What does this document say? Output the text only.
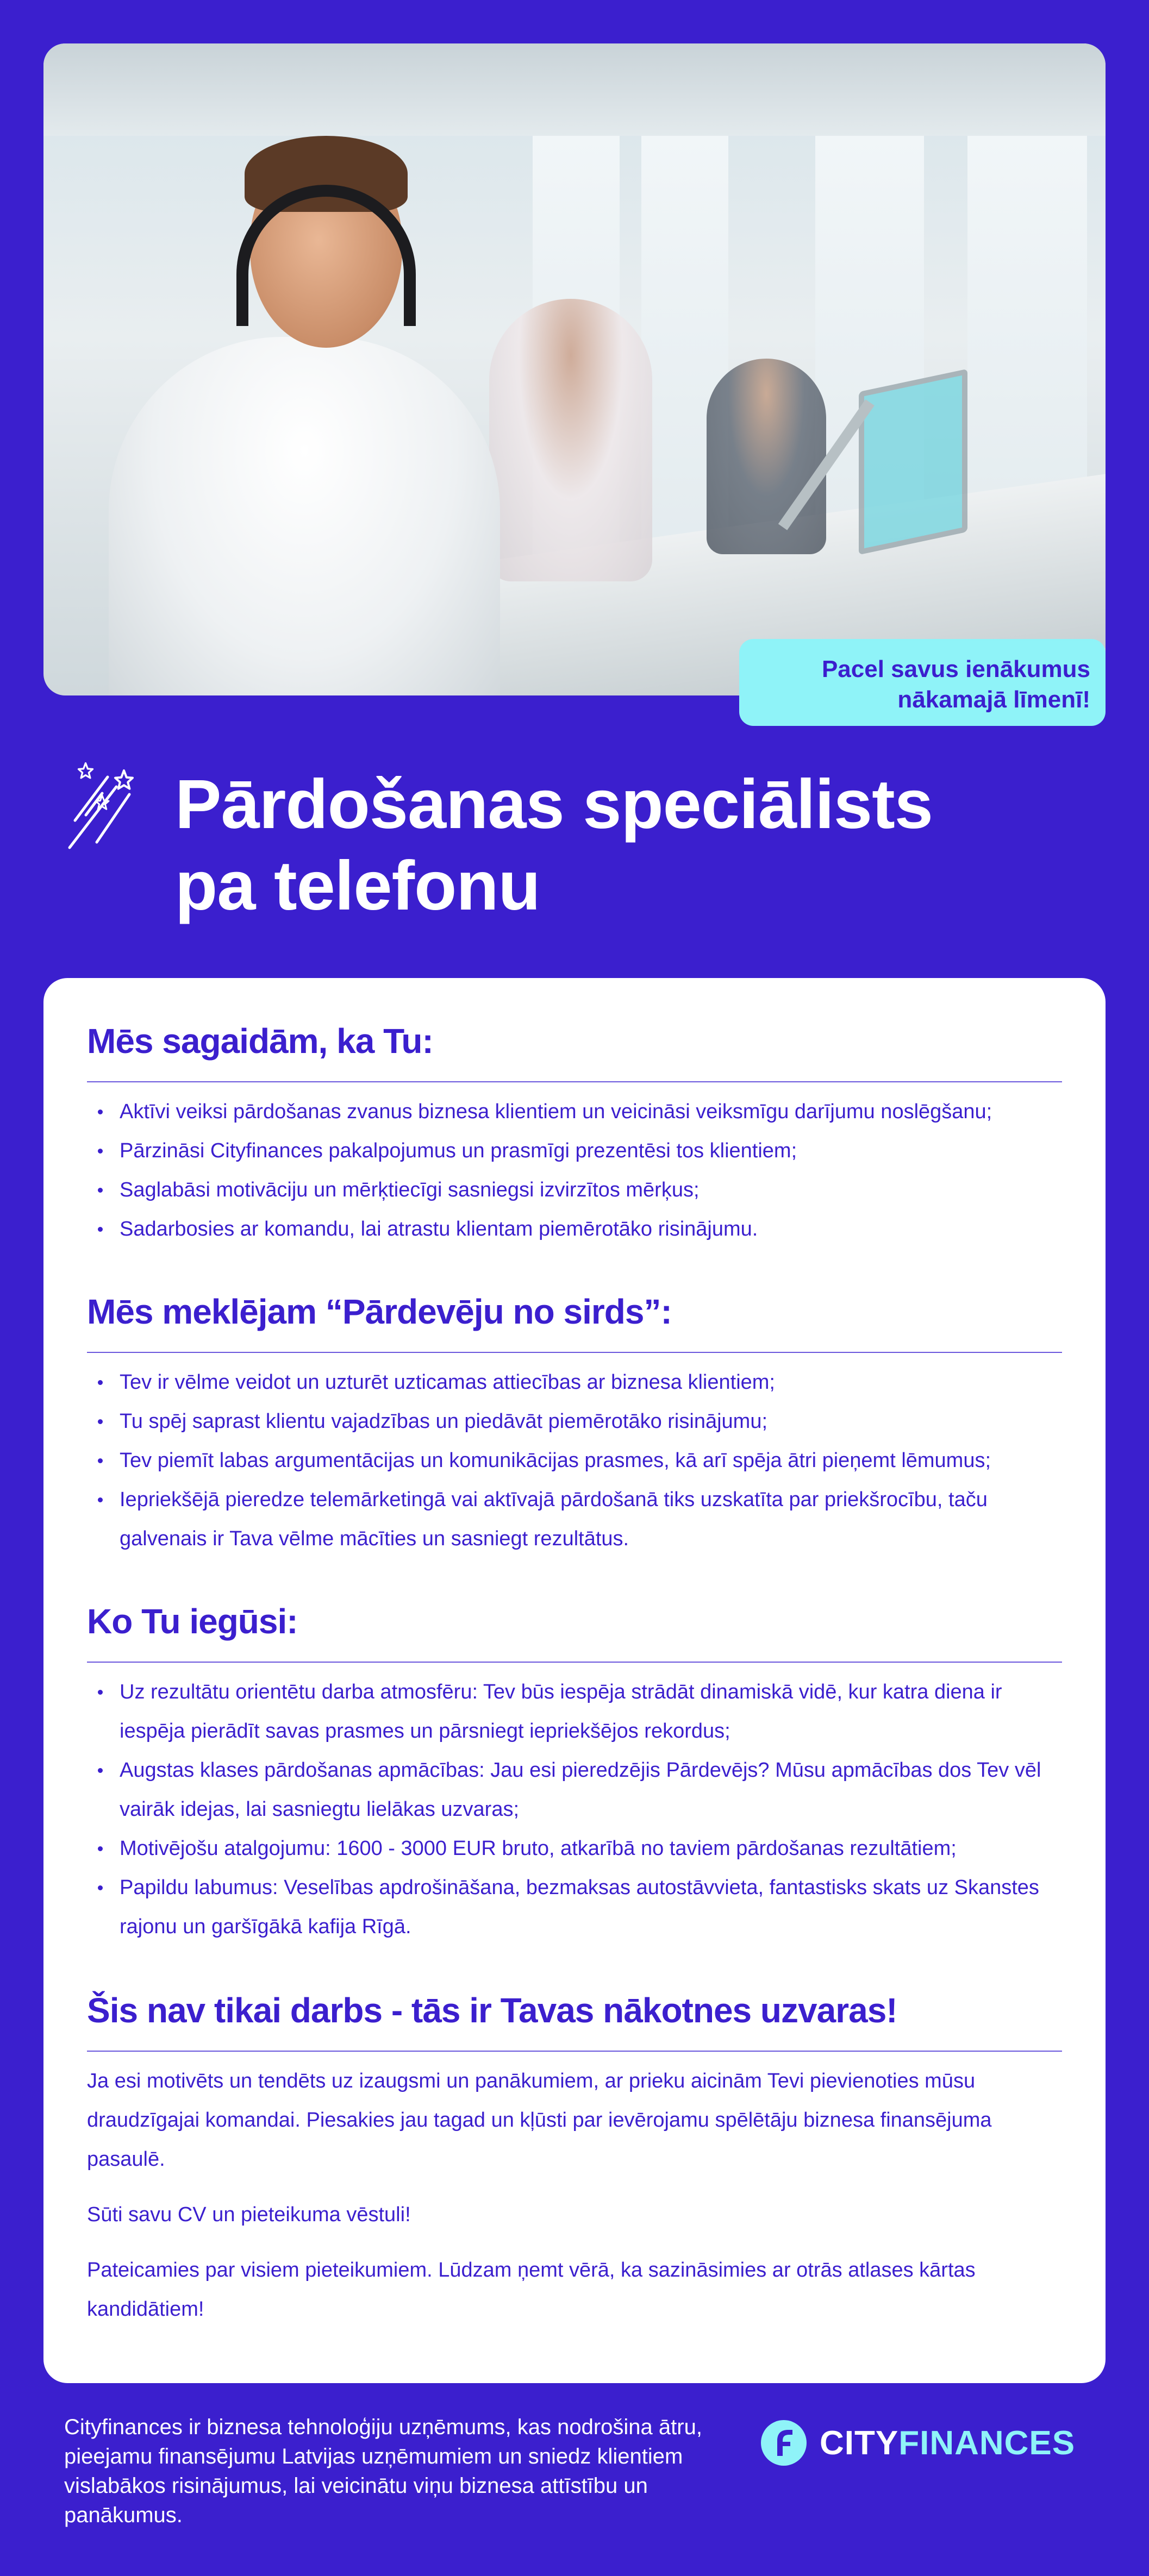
Pacel savus ienākumus
nākamajā līmenī!
Pārdošanas speciālists
pa telefonu
Mēs sagaidām, ka Tu:
Aktīvi veiksi pārdošanas zvanus biznesa klientiem un veicināsi veiksmīgu darījumu noslēgšanu;
Pārzināsi Cityfinances pakalpojumus un prasmīgi prezentēsi tos klientiem;
Saglabāsi motivāciju un mērķtiecīgi sasniegsi izvirzītos mērķus;
Sadarbosies ar komandu, lai atrastu klientam piemērotāko risinājumu.
Mēs meklējam “Pārdevēju no sirds”:
Tev ir vēlme veidot un uzturēt uzticamas attiecības ar biznesa klientiem;
Tu spēj saprast klientu vajadzības un piedāvāt piemērotāko risinājumu;
Tev piemīt labas argumentācijas un komunikācijas prasmes, kā arī spēja ātri pieņemt lēmumus;
Iepriekšējā pieredze telemārketingā vai aktīvajā pārdošanā tiks uzskatīta par priekšrocību, taču galvenais ir Tava vēlme mācīties un sasniegt rezultātus.
Ko Tu iegūsi:
Uz rezultātu orientētu darba atmosfēru: Tev būs iespēja strādāt dinamiskā vidē, kur katra diena ir iespēja pierādīt savas prasmes un pārsniegt iepriekšējos rekordus;
Augstas klases pārdošanas apmācības: Jau esi pieredzējis Pārdevējs? Mūsu apmācības dos Tev vēl vairāk idejas, lai sasniegtu lielākas uzvaras;
Motivējošu atalgojumu: 1600 - 3000 EUR bruto, atkarībā no taviem pārdošanas rezultātiem;
Papildu labumus: Veselības apdrošināšana, bezmaksas autostāvvieta, fantastisks skats uz Skanstes rajonu un garšīgākā kafija Rīgā.
Šis nav tikai darbs - tās ir Tavas nākotnes uzvaras!

Ja esi motivēts un tendēts uz izaugsmi un panākumiem, ar prieku aicinām Tevi pievienoties mūsu draudzīgajai komandai. Piesakies jau tagad un kļūsti par ievērojamu spēlētāju biznesa finansējuma pasaulē.

Sūti savu CV un pieteikuma vēstuli!

Pateicamies par visiem pieteikumiem. Lūdzam ņemt vērā, ka sazināsimies ar otrās atlases kārtas kandidātiem!

Cityfinances ir biznesa tehnoloģiju uzņēmums, kas nodrošina ātru, pieejamu finansējumu Latvijas uzņēmumiem un sniedz klientiem vislabākos risinājumus, lai veicinātu viņu biznesa attīstību un panākumus.

CITYFINANCES
